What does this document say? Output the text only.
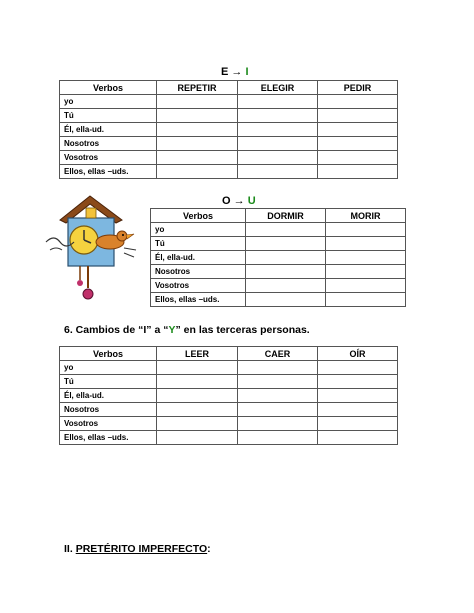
E → I
Verbos	REPETIR	ELEGIR	PEDIR
yo			
Tú			
Él, ella-ud.			
Nosotros			
Vosotros			
Ellos, ellas –uds.			
O → U
Verbos	DORMIR	MORIR
yo		
Tú		
Él, ella-ud.		
Nosotros		
Vosotros		
Ellos, ellas –uds.		
6. Cambios de “I” a “Y” en las terceras personas.
Verbos	LEER	CAER	OÍR
yo			
Tú			
Él, ella-ud.			
Nosotros			
Vosotros			
Ellos, ellas –uds.			
II. PRETÉRITO IMPERFECTO:
